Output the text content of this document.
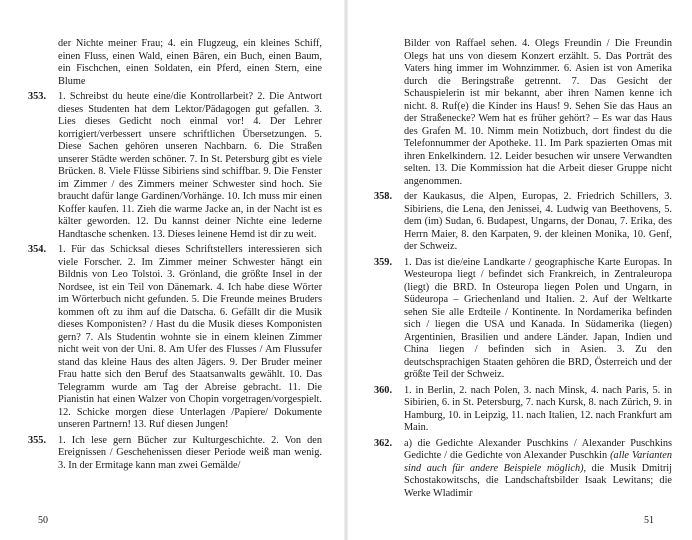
der Nichte meiner Frau; 4. ein Flugzeug, ein kleines Schiff, einen Fluss, einen Wald, einen Bären, ein Buch, einen Baum, ein Fischchen, einen Soldaten, ein Pferd, einen Stern, eine Blume

353. 1. Schreibst du heute eine/die Kontrollarbeit? 2. Die Antwort dieses Studenten hat dem Lektor/Pädagogen gut gefallen. 3. Lies dieses Gedicht noch einmal vor! 4. Der Lehrer korrigiert/verbessert unsere schriftlichen Übersetzungen. 5. Diese Sachen gehören unseren Nachbarn. 6. Die Straßen unserer Städte werden schöner. 7. In St. Petersburg gibt es viele Brücken. 8. Viele Flüsse Sibiriens sind schiffbar. 9. Die Fenster im Zimmer / des Zimmers meiner Schwester sind hoch. Sie braucht dafür lange Gardinen/Vorhänge. 10. Ich muss mir einen Koffer kaufen. 11. Zieh die warme Jacke an, in der Nacht ist es kälter geworden. 12. Du kannst deiner Nichte eine lederne Handtasche schenken. 13. Dieses leinene Hemd ist dir zu weit.

354. 1. Für das Schicksal dieses Schriftstellers interessieren sich viele Forscher. 2. Im Zimmer meiner Schwester hängt ein Bildnis von Leo Tolstoi. 3. Grönland, die größte Insel in der Nordsee, ist ein Teil von Dänemark. 4. Ich habe diese Wörter im Wörterbuch nicht gefunden. 5. Die Freunde meines Bruders kommen oft zu ihm auf die Datscha. 6. Gefällt dir die Musik dieses Komponisten? / Hast du die Musik dieses Komponisten gern? 7. Als Studentin wohnte sie in einem kleinen Zimmer nicht weit von der Uni. 8. Am Ufer des Flusses / Am Flussufer stand das kleine Haus des alten Jägers. 9. Der Bruder meiner Frau hatte sich den Beruf des Staatsanwalts gewählt. 10. Das Telegramm wurde am Tag der Abreise gebracht. 11. Die Pianistin hat einen Walzer von Chopin vorgetragen/vorgespielt. 12. Schicke morgen diese Unterlagen /Papiere/ Dokumente unseren Partnern! 13. Ruf diesen Jungen!

355. 1. Ich lese gern Bücher zur Kulturgeschichte. 2. Von den Ereignissen / Geschehenissen dieser Periode weiß man wenig. 3. In der Ermitage kann man zwei Gemälde/

50

Bilder von Raffael sehen. 4. Olegs Freundin / Die Freundin Olegs hat uns von diesem Konzert erzählt. 5. Das Porträt des Vaters hing immer im Wohnzimmer. 6. Asien ist von Amerika durch die Beringstraße getrennt. 7. Das Gesicht der Schauspielerin ist mir bekannt, aber ihren Namen kenne ich nicht. 8. Ruf(e) die Kinder ins Haus! 9. Sehen Sie das Haus an der Straßenecke? Wem hat es früher gehört? – Es war das Haus des Grafen M. 10. Nimm mein Notizbuch, dort findest du die Telefonnummer der Apotheke. 11. Im Park spazierten Omas mit ihren Enkelkindern. 12. Leider besuchen wir unsere Verwandten selten. 13. Die Kommission hat die Arbeit dieser Gruppe nicht angenommen.

358. der Kaukasus, die Alpen, Europas, 2. Friedrich Schillers, 3. Sibiriens, die Lena, den Jenissei, 4. Ludwig van Beethovens, 5. dem (im) Sudan, 6. Budapest, Ungarns, der Donau, 7. Erika, des Herrn Maier, 8. den Karpaten, 9. der kleinen Monika, 10. Genf, der Schweiz.

359. 1. Das ist die/eine Landkarte / geographische Karte Europas. In Westeuropa liegt / befindet sich Frankreich, in Zentraleuropa (liegt) die BRD. In Osteuropa liegen Polen und Ungarn, in Südeuropa – Griechenland und Italien. 2. Auf der Weltkarte sehen Sie alle Erdteile / Kontinente. In Nordamerika befinden sich / liegen die USA und Kanada. In Südamerika (liegen) Argentinien, Brasilien und andere Länder. Japan, Indien und China liegen / befinden sich in Asien. 3. Zu den deutschsprachigen Staaten gehören die BRD, Österreich und der größte Teil der Schweiz.

360. 1. in Berlin, 2. nach Polen, 3. nach Minsk, 4. nach Paris, 5. in Sibirien, 6. in St. Petersburg, 7. nach Kursk, 8. nach Zürich, 9. in Hamburg, 10. in Leipzig, 11. nach Italien, 12. nach Frankfurt am Main.

362. a) die Gedichte Alexander Puschkins / Alexander Puschkins Gedichte / die Gedichte von Alexander Puschkin (alle Varianten sind auch für andere Beispiele möglich), die Musik Dmitrij Schostakowitschs, die Landschaftsbilder Isaak Lewitans; die Werke Wladimir

51
